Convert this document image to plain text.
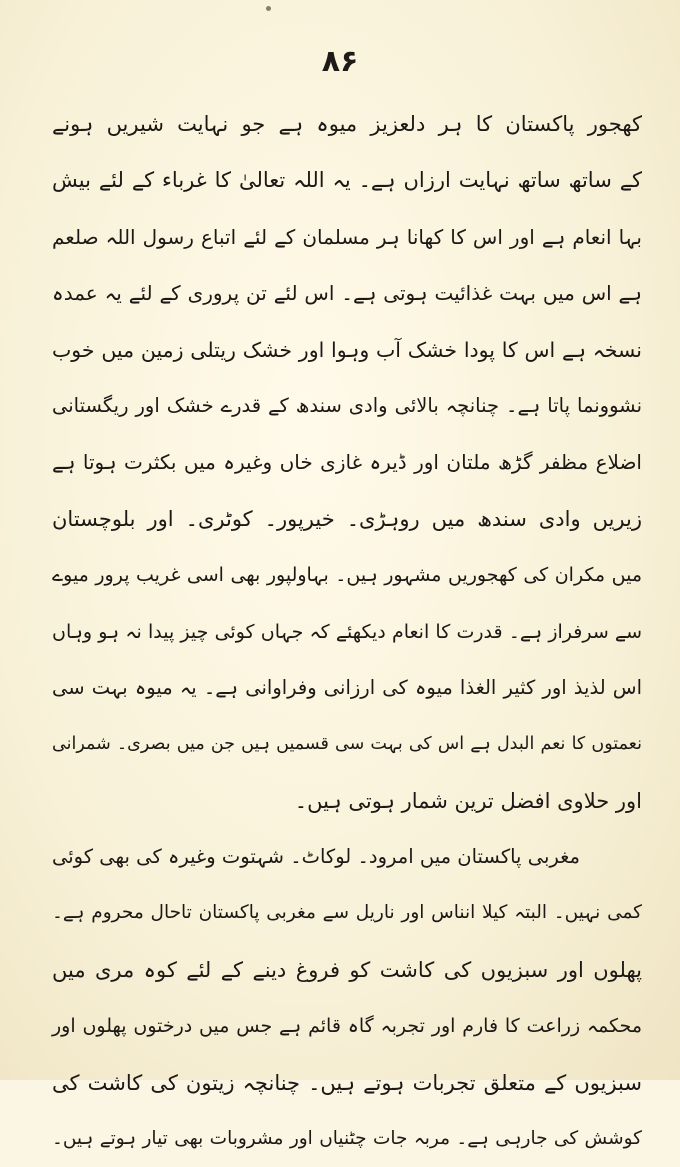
۸۶
کھجور پاکستان کا ہر دلعزیز میوہ ہے جو نہایت شیریں ہونے
کے ساتھ ساتھ نہایت ارزاں ہے۔ یہ اللہ تعالیٰ کا غرباء کے لئے بیش
بہا انعام ہے اور اس کا کھانا ہر مسلمان کے لئے اتباع رسول اللہ صلعم
ہے اس میں بہت غذائیت ہوتی ہے۔ اس لئے تن پروری کے لئے یہ عمدہ
نسخہ ہے اس کا پودا خشک آب وہوا اور خشک ریتلی زمین میں خوب
نشوونما پاتا ہے۔ چنانچہ بالائی وادی سندھ کے قدرے خشک اور ریگستانی
اضلاع مظفر گڑھ ملتان اور ڈیرہ غازی خاں وغیرہ میں بکثرت ہوتا ہے
زیریں وادی سندھ میں روہڑی۔ خیرپور۔ کوٹری۔ اور بلوچستان
میں مکران کی کھجوریں مشہور ہیں۔ بہاولپور بھی اسی غریب پرور میوے
سے سرفراز ہے۔ قدرت کا انعام دیکھئے کہ جہاں کوئی چیز پیدا نہ ہو وہاں
اس لذیذ اور کثیر الغذا میوہ کی ارزانی وفراوانی ہے۔ یہ میوہ بہت سی
نعمتوں کا نعم البدل ہے اس کی بہت سی قسمیں ہیں جن میں بصری۔ شمرانی
اور حلاوی افضل ترین شمار ہوتی ہیں۔
مغربی پاکستان میں امرود۔ لوکاٹ۔ شہتوت وغیرہ کی بھی کوئی
کمی نہیں۔ البتہ کیلا انناس اور ناریل سے مغربی پاکستان تاحال محروم ہے۔
پھلوں اور سبزیوں کی کاشت کو فروغ دینے کے لئے کوہ مری میں
محکمہ زراعت کا فارم اور تجربہ گاہ قائم ہے جس میں درختوں پھلوں اور
سبزیوں کے متعلق تجربات ہوتے ہیں۔ چنانچہ زیتون کی کاشت کی
کوشش کی جارہی ہے۔ مربہ جات چٹنیاں اور مشروبات بھی تیار ہوتے ہیں۔
